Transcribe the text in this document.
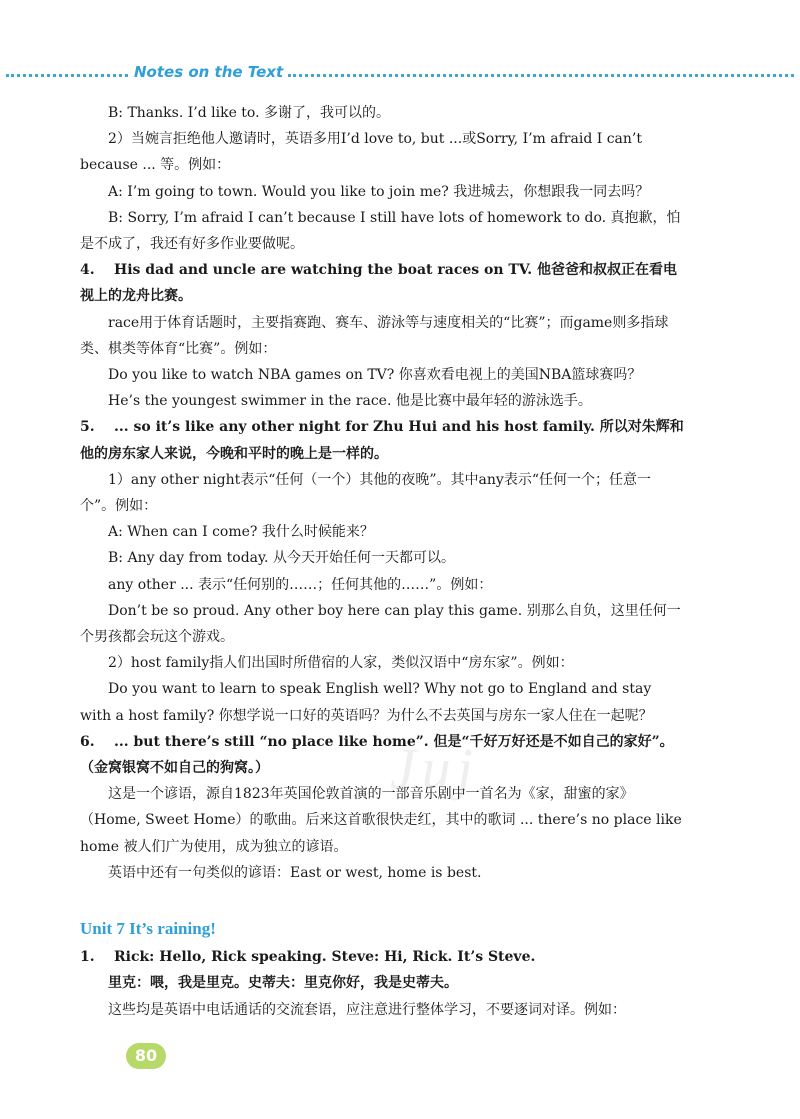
Notes on the Text

B: Thanks. I’d like to. 多谢了，我可以的。

2）当婉言拒绝他人邀请时，英语多用I’d love to, but ...或Sorry, I’m afraid I can’t because ... 等。例如：

A: I’m going to town. Would you like to join me? 我进城去，你想跟我一同去吗？

B: Sorry, I’m afraid I can’t because I still have lots of homework to do. 真抱歉，怕是不成了，我还有好多作业要做呢。

4. His dad and uncle are watching the boat races on TV. 他爸爸和叔叔正在看电视上的龙舟比赛。

race用于体育话题时，主要指赛跑、赛车、游泳等与速度相关的“比赛”；而game则多指球类、棋类等体育“比赛”。例如：

Do you like to watch NBA games on TV? 你喜欢看电视上的美国NBA篮球赛吗？

He’s the youngest swimmer in the race. 他是比赛中最年轻的游泳选手。

5. ... so it’s like any other night for Zhu Hui and his host family. 所以对朱辉和他的房东家人来说，今晚和平时的晚上是一样的。

1）any other night表示“任何（一个）其他的夜晚”。其中any表示“任何一个；任意一个”。例如：

A: When can I come? 我什么时候能来？

B: Any day from today. 从今天开始任何一天都可以。

any other ... 表示“任何别的……；任何其他的……”。例如：

Don’t be so proud. Any other boy here can play this game. 别那么自负，这里任何一个男孩都会玩这个游戏。

2）host family指人们出国时所借宿的人家，类似汉语中“房东家”。例如：

Do you want to learn to speak English well? Why not go to England and stay with a host family? 你想学说一口好的英语吗？为什么不去英国与房东一家人住在一起呢？

6. ... but there’s still “no place like home”. 但是“千好万好还是不如自己的家好”。（金窝银窝不如自己的狗窝。）

这是一个谚语，源自1823年英国伦敦首演的一部音乐剧中一首名为《家，甜蜜的家》（Home, Sweet Home）的歌曲。后来这首歌很快走红，其中的歌词 ... there’s no place like home 被人们广为使用，成为独立的谚语。

英语中还有一句类似的谚语：East or west, home is best.

Unit 7 It’s raining!

1. Rick: Hello, Rick speaking. Steve: Hi, Rick. It’s Steve.

里克：喂，我是里克。史蒂夫：里克你好，我是史蒂夫。

这些均是英语中电话通话的交流套语，应注意进行整体学习，不要逐词对译。例如：

Juj
80
